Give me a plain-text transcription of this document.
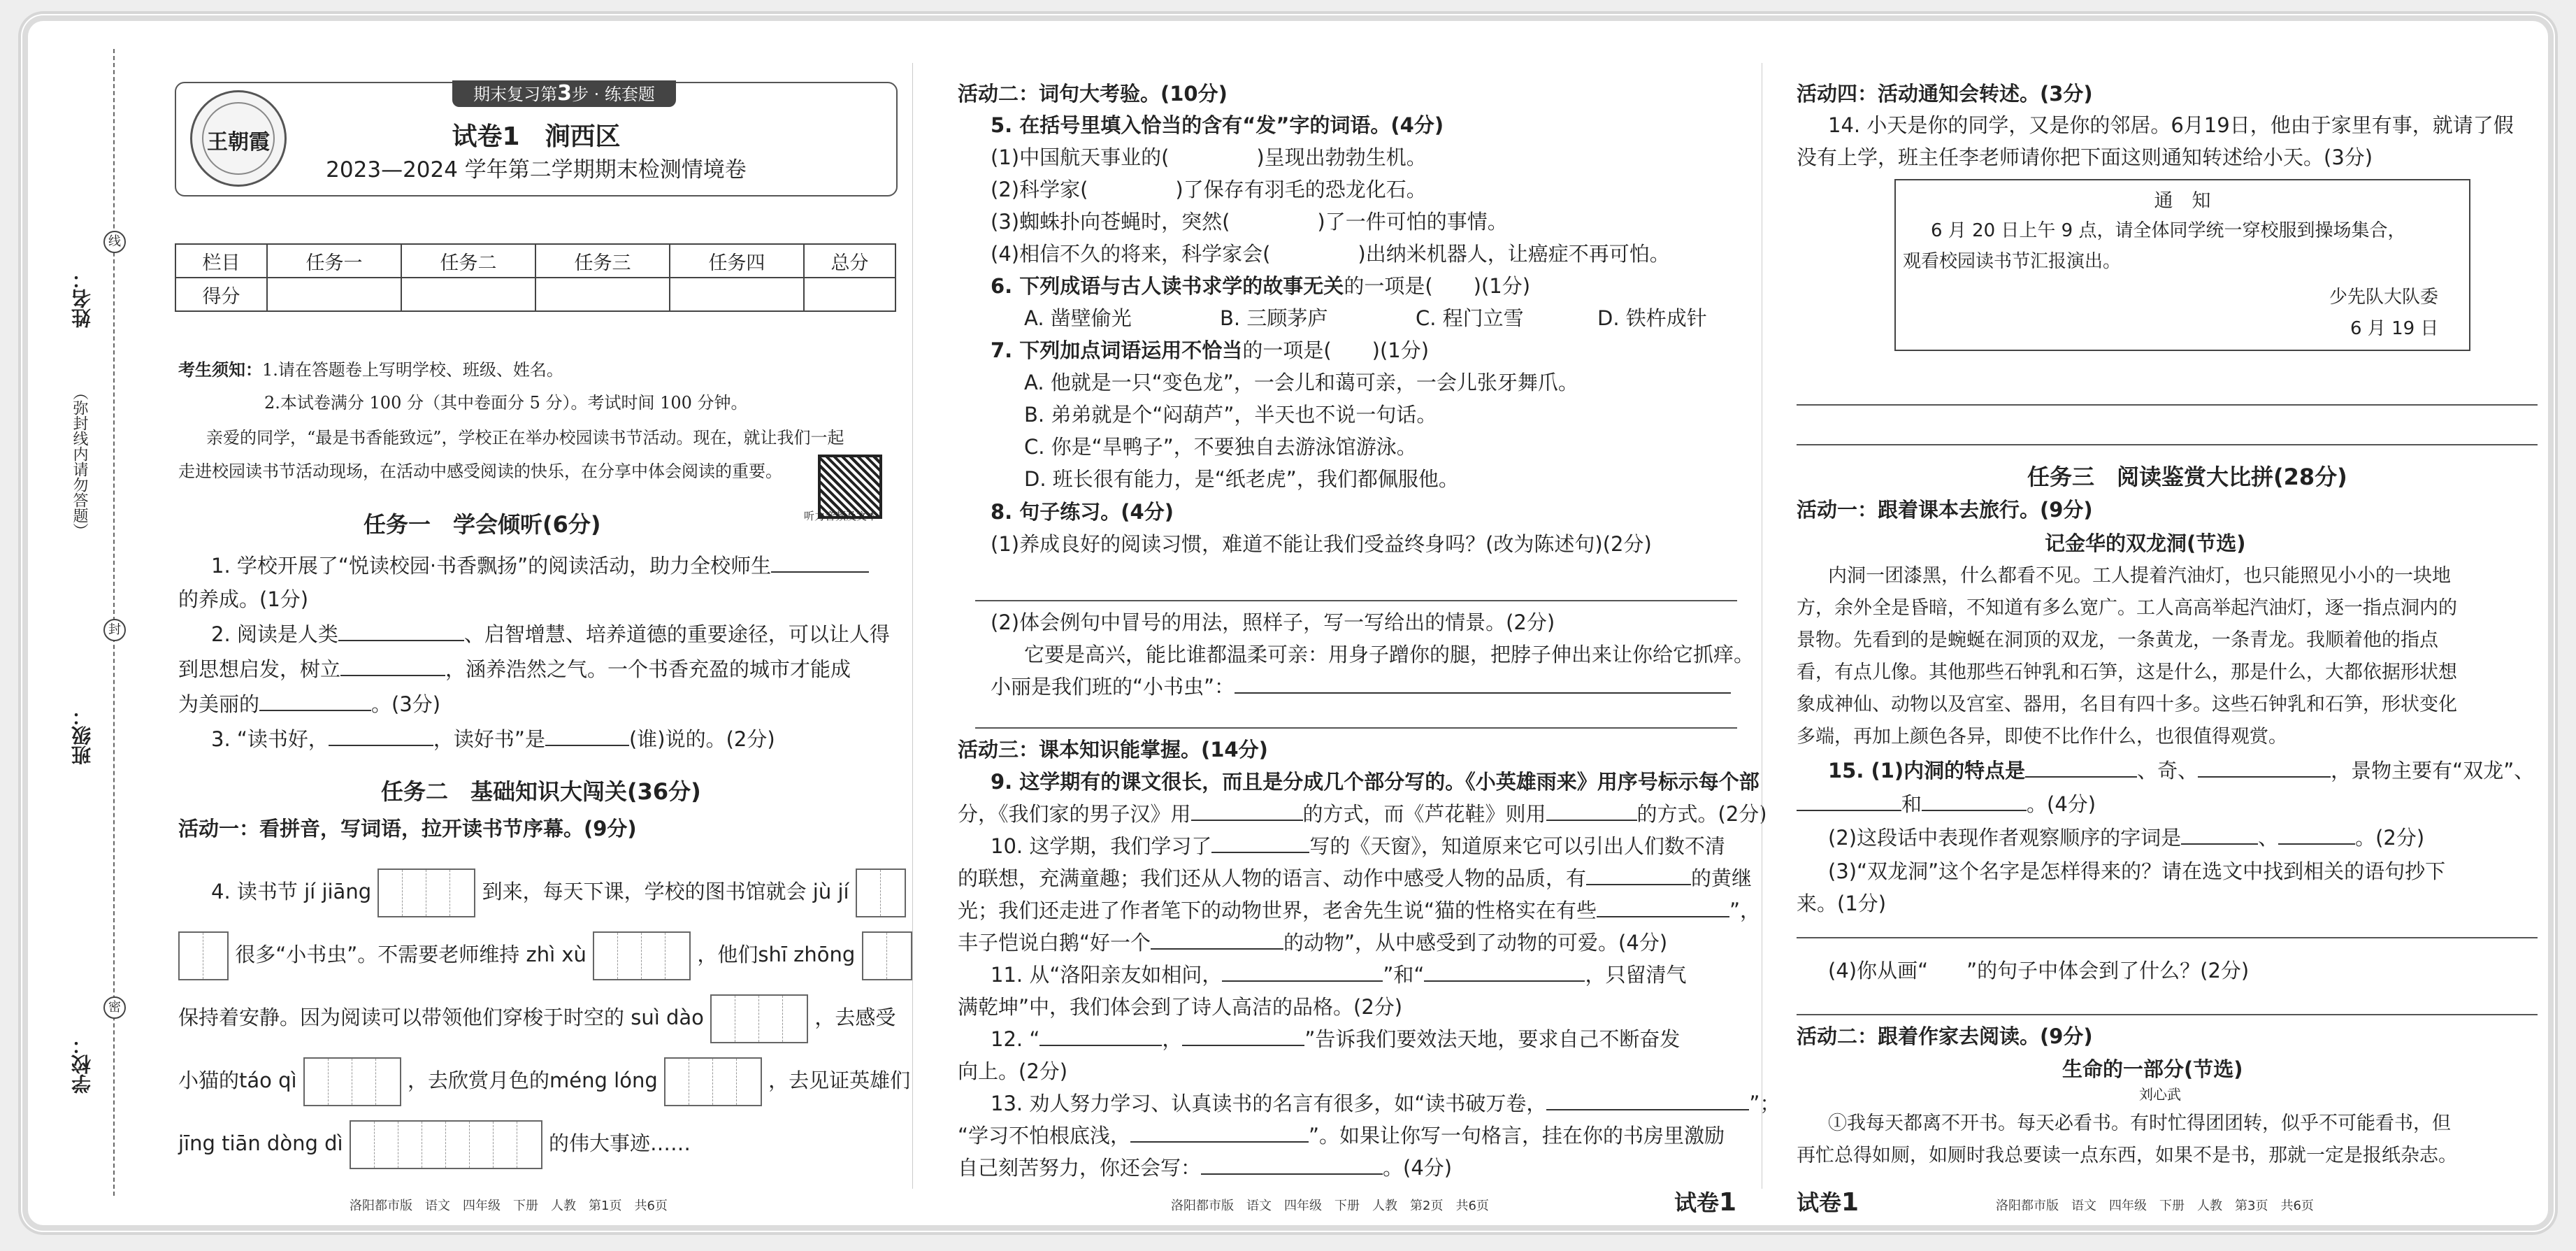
线
封
密
（弥封线内请勿答题）
姓名：
班级：
学校：
期末复习第3步 · 练套题
王朝霞	试卷1　涧西区
2023—2024 学年第二学期期末检测情境卷
栏目	任务一	任务二	任务三	任务四	总分
得分					
考生须知：1.请在答题卷上写明学校、班级、姓名。
2.本试卷满分 100 分（其中卷面分 5 分）。考试时间 100 分钟。
亲爱的同学，“最是书香能致远”，学校正在举办校园读书节活动。现在，就让我们一起
走进校园读书节活动现场，在活动中感受阅读的快乐，在分享中体会阅读的重要。
听力音频及文本
任务一　学会倾听(6分)
1. 学校开展了“悦读校园·书香飘扬”的阅读活动，助力全校师生
的养成。(1分)
2. 阅读是人类	、启智增慧、培养道德的重要途径，可以让人得
到思想启发，树立	，涵养浩然之气。一个书香充盈的城市才能成
为美丽的	。(3分)
3. “读书好，	，读好书”是	(谁)说的。(2分)
任务二　基础知识大闯关(36分)
活动一：看拼音，写词语，拉开读书节序幕。(9分)
4. 读书节 jí jiāng	到来，每天下课，学校的图书馆就会 jù jí
很多“小书虫”。不需要老师维持 zhì xù	，他们shī zhōng
保持着安静。因为阅读可以带领他们穿梭于时空的 suì dào	，去感受
小猫的táo qì	，去欣赏月色的méng lóng	，去见证英雄们
jīng tiān dòng dì	的伟大事迹……
洛阳都市版　语文　四年级　下册　人教　第1页　共6页
活动二：词句大考验。(10分)
5. 在括号里填入恰当的含有“发”字的词语。(4分)
(1)中国航天事业的(	)呈现出勃勃生机。
(2)科学家(	)了保存有羽毛的恐龙化石。
(3)蜘蛛扑向苍蝇时，突然(	)了一件可怕的事情。
(4)相信不久的将来，科学家会(	)出纳米机器人，让癌症不再可怕。
6. 下列成语与古人读书求学的故事无关的一项是(　　)(1分)
A. 凿壁偷光	B. 三顾茅庐	C. 程门立雪	D. 铁杵成针
7. 下列加点词语运用不恰当的一项是(　　)(1分)
A. 他就是一只“变色龙”，一会儿和蔼可亲，一会儿张牙舞爪。
B. 弟弟就是个“闷葫芦”，半天也不说一句话。
C. 你是“旱鸭子”，不要独自去游泳馆游泳。
D. 班长很有能力，是“纸老虎”，我们都佩服他。
8. 句子练习。(4分)
(1)养成良好的阅读习惯，难道不能让我们受益终身吗？(改为陈述句)(2分)
(2)体会例句中冒号的用法，照样子，写一写给出的情景。(2分)
它要是高兴，能比谁都温柔可亲：用身子蹭你的腿，把脖子伸出来让你给它抓痒。
小丽是我们班的“小书虫”：
活动三：课本知识能掌握。(14分)
9. 这学期有的课文很长，而且是分成几个部分写的。《小英雄雨来》用序号标示每个部
分，《我们家的男子汉》用	的方式，而《芦花鞋》则用	的方式。(2分)
10. 这学期，我们学习了	写的《天窗》，知道原来它可以引出人们数不清
的联想，充满童趣；我们还从人物的语言、动作中感受人物的品质，有	的黄继
光；我们还走进了作者笔下的动物世界，老舍先生说“猫的性格实在有些	”，
丰子恺说白鹅“好一个	的动物”，从中感受到了动物的可爱。(4分)
11. 从“洛阳亲友如相问，	”和“	，只留清气
满乾坤”中，我们体会到了诗人高洁的品格。(2分)
12. “	，	”告诉我们要效法天地，要求自己不断奋发
向上。(2分)
13. 劝人努力学习、认真读书的名言有很多，如“读书破万卷，	”；
“学习不怕根底浅，	”。如果让你写一句格言，挂在你的书房里激励
自己刻苦努力，你还会写：	。(4分)
洛阳都市版　语文　四年级　下册　人教　第2页　共6页	试卷1
活动四：活动通知会转述。(3分)
14. 小天是你的同学，又是你的邻居。6月19日，他由于家里有事，就请了假
没有上学，班主任李老师请你把下面这则通知转述给小天。(3分)
通　知
6 月 20 日上午 9 点，请全体同学统一穿校服到操场集合，
观看校园读书节汇报演出。
少先队大队委
6 月 19 日
任务三　阅读鉴赏大比拼(28分)
活动一：跟着课本去旅行。(9分)
记金华的双龙洞(节选)
内洞一团漆黑，什么都看不见。工人提着汽油灯，也只能照见小小的一块地
方，余外全是昏暗，不知道有多么宽广。工人高高举起汽油灯，逐一指点洞内的
景物。先看到的是蜿蜒在洞顶的双龙，一条黄龙，一条青龙。我顺着他的指点
看，有点儿像。其他那些石钟乳和石笋，这是什么，那是什么，大都依据形状想
象成神仙、动物以及宫室、器用，名目有四十多。这些石钟乳和石笋，形状变化
多端，再加上颜色各异，即使不比作什么，也很值得观赏。
15. (1)内洞的特点是	、奇、	，景物主要有“双龙”、
和	。(4分)
(2)这段话中表现作者观察顺序的字词是	、	。(2分)
(3)“双龙洞”这个名字是怎样得来的？请在选文中找到相关的语句抄下
来。(1分)
(4)你从画“ ”的句子中体会到了什么？(2分)
活动二：跟着作家去阅读。(9分)
生命的一部分(节选)
刘心武
①我每天都离不开书。每天必看书。有时忙得团团转，似乎不可能看书，但
再忙总得如厕，如厕时我总要读一点东西，如果不是书，那就一定是报纸杂志。
试卷1	洛阳都市版　语文　四年级　下册　人教　第3页　共6页
